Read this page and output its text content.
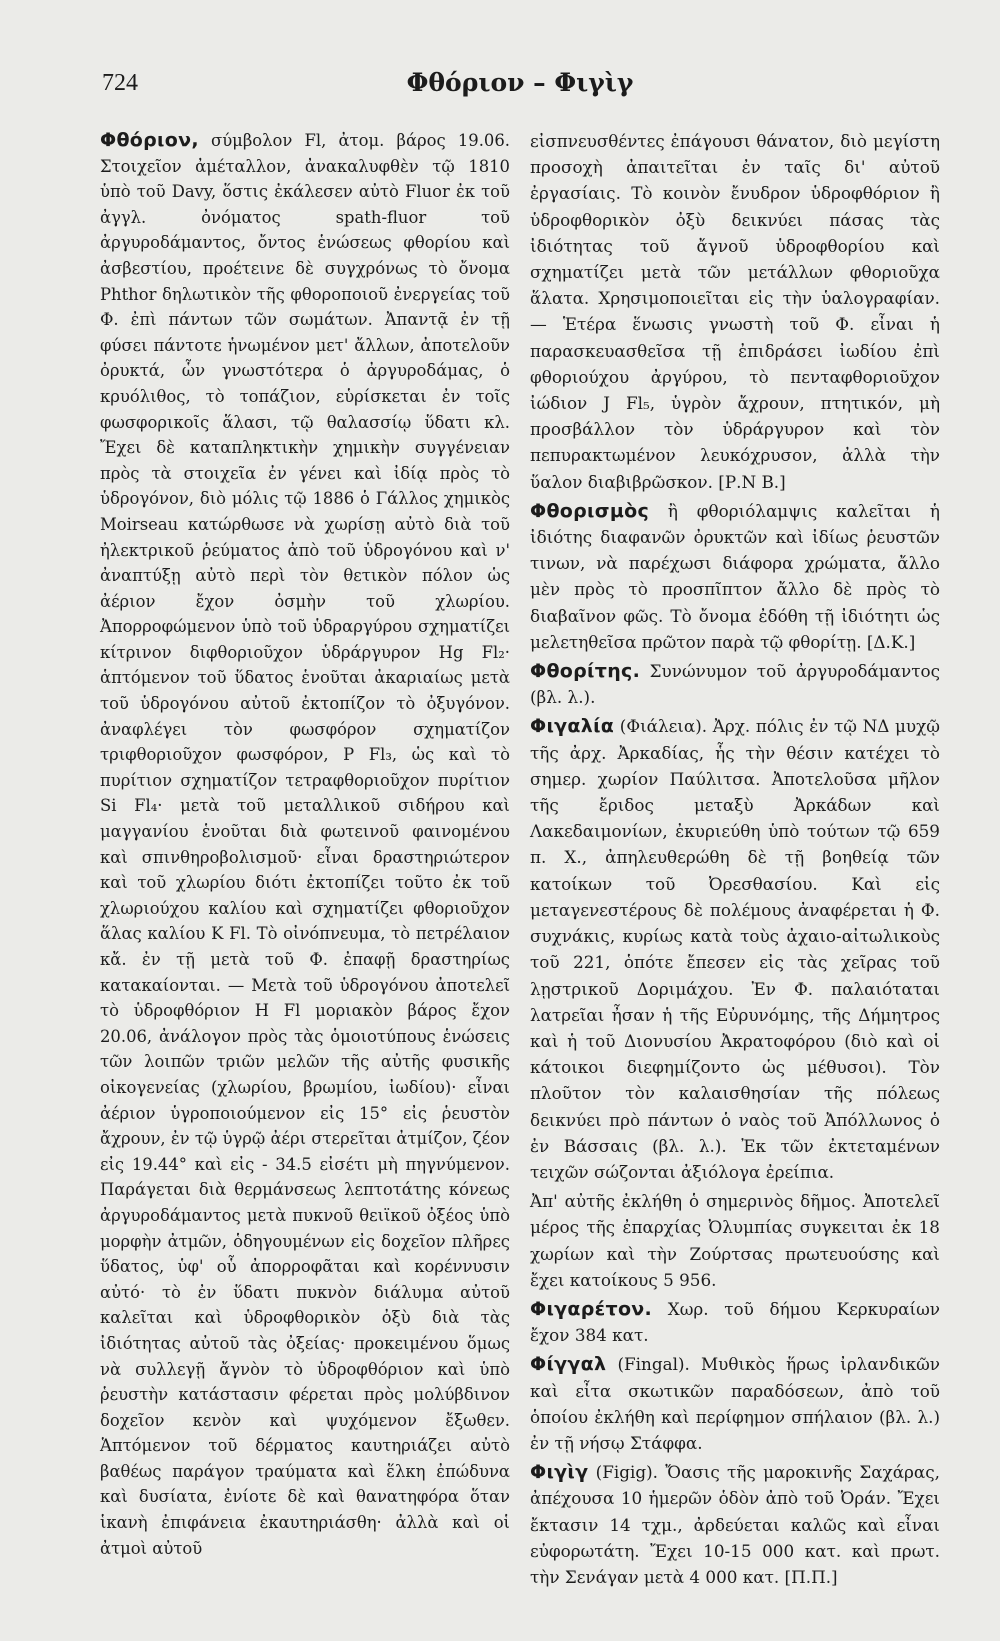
724	Φθόριον – Φιγὶγ

Φθόριον, σύμβολον Fl, ἀτομ. βάρος 19.06. Στοιχεῖον ἀμέταλλον, ἀνακαλυφθὲν τῷ 1810 ὑπὸ τοῦ Davy, ὅστις ἐκάλεσεν αὐτὸ Fluor ἐκ τοῦ ἀγγλ. ὀνόματος spath-fluor τοῦ ἀργυροδάμαντος, ὄντος ἑνώσεως φθορίου καὶ ἀσβεστίου, προέτεινε δὲ συγχρόνως τὸ ὄνομα Phthor δηλωτικὸν τῆς φθοροποιοῦ ἐνεργείας τοῦ Φ. ἐπὶ πάντων τῶν σωμάτων. Ἀπαντᾷ ἐν τῇ φύσει πάντοτε ἡνωμένον μετ' ἄλλων, ἀποτελοῦν ὀρυκτά, ὧν γνωστότερα ὁ ἀργυροδάμας, ὁ κρυόλιθος, τὸ τοπάζιον, εὑρίσκεται ἐν τοῖς φωσφορικοῖς ἅλασι, τῷ θαλασσίῳ ὕδατι κλ. Ἔχει δὲ καταπληκτικὴν χημικὴν συγγένειαν πρὸς τὰ στοιχεῖα ἐν γένει καὶ ἰδίᾳ πρὸς τὸ ὑδρογόνον, διὸ μόλις τῷ 1886 ὁ Γάλλος χημικὸς Moirseau κατώρθωσε νὰ χωρίσῃ αὐτὸ διὰ τοῦ ἠλεκτρικοῦ ῥεύματος ἀπὸ τοῦ ὑδρογόνου καὶ ν' ἀναπτύξῃ αὐτὸ περὶ τὸν θετικὸν πόλον ὡς ἀέριον ἔχον ὀσμὴν τοῦ χλωρίου. Ἀπορροφώμενον ὑπὸ τοῦ ὑδραργύρου σχηματίζει κίτρινον διφθοριοῦχον ὑδράργυρον Hg Fl₂· ἁπτόμενον τοῦ ὕδατος ἑνοῦται ἀκαριαίως μετὰ τοῦ ὑδρογόνου αὐτοῦ ἐκτοπίζον τὸ ὀξυγόνον. ἀναφλέγει τὸν φωσφόρον σχηματίζον τριφθοριοῦχον φωσφόρον, P Fl₃, ὡς καὶ τὸ πυρίτιον σχηματίζον τετραφθοριοῦχον πυρίτιον Si Fl₄· μετὰ τοῦ μεταλλικοῦ σιδήρου καὶ μαγγανίου ἑνοῦται διὰ φωτεινοῦ φαινομένου καὶ σπινθηροβολισμοῦ· εἶναι δραστηριώτερον καὶ τοῦ χλωρίου διότι ἐκτοπίζει τοῦτο ἐκ τοῦ χλωριούχου καλίου καὶ σχηματίζει φθοριοῦχον ἅλας καλίου K Fl. Τὸ οἰνόπνευμα, τὸ πετρέλαιον κἄ. ἐν τῇ μετὰ τοῦ Φ. ἐπαφῇ δραστηρίως κατακαίονται. — Μετὰ τοῦ ὑδρογόνου ἀποτελεῖ τὸ ὑδροφθόριον H Fl μοριακὸν βάρος ἔχον 20.06, ἀνάλογον πρὸς τὰς ὁμοιοτύπους ἑνώσεις τῶν λοιπῶν τριῶν μελῶν τῆς αὐτῆς φυσικῆς οἰκογενείας (χλωρίου, βρωμίου, ἰωδίου)· εἶναι ἀέριον ὑγροποιούμενον εἰς 15° εἰς ῥευστὸν ἄχρουν, ἐν τῷ ὑγρῷ ἀέρι στερεῖται ἀτμίζον, ζέον εἰς 19.44° καὶ εἰς - 34.5 εἰσέτι μὴ πηγνύμενον. Παράγεται διὰ θερμάνσεως λεπτοτάτης κόνεως ἀργυροδάμαντος μετὰ πυκνοῦ θειϊκοῦ ὀξέος ὑπὸ μορφὴν ἀτμῶν, ὁδηγουμένων εἰς δοχεῖον πλῆρες ὕδατος, ὑφ' οὗ ἀπορροφᾶται καὶ κορέννυσιν αὐτό· τὸ ἐν ὕδατι πυκνὸν διάλυμα αὐτοῦ καλεῖται καὶ ὑδροφθορικὸν ὀξὺ διὰ τὰς ἰδιότητας αὐτοῦ τὰς ὀξείας· προκειμένου ὅμως νὰ συλλεγῇ ἄγνὸν τὸ ὑδροφθόριον καὶ ὑπὸ ῥευστὴν κατάστασιν φέρεται πρὸς μολύβδινον δοχεῖον κενὸν καὶ ψυχόμενον ἔξωθεν. Ἁπτόμενον τοῦ δέρματος καυτηριάζει αὐτὸ βαθέως παράγον τραύματα καὶ ἕλκη ἐπώδυνα καὶ δυσίατα, ἐνίοτε δὲ καὶ θανατηφόρα ὅταν ἱκανὴ ἐπιφάνεια ἐκαυτηριάσθη· ἀλλὰ καὶ οἱ ἀτμοὶ αὐτοῦ

εἰσπνευσθέντες ἐπάγουσι θάνατον, διὸ μεγίστη προσοχὴ ἀπαιτεῖται ἐν ταῖς δι' αὐτοῦ ἐργασίαις. Τὸ κοινὸν ἔνυδρον ὑδροφθόριον ἢ ὑδροφθορικὸν ὀξὺ δεικνύει πάσας τὰς ἰδιότητας τοῦ ἄγνοῦ ὑδροφθορίου καὶ σχηματίζει μετὰ τῶν μετάλλων φθοριοῦχα ἅλατα. Χρησιμοποιεῖται εἰς τὴν ὑαλογραφίαν. — Ἑτέρα ἕνωσις γνωστὴ τοῦ Φ. εἶναι ἡ παρασκευασθεῖσα τῇ ἐπιδράσει ἰωδίου ἐπὶ φθοριούχου ἀργύρου, τὸ πενταφθοριοῦχον ἰώδιον J Fl₅, ὑγρὸν ἄχρουν, πτητικόν, μὴ προσβάλλον τὸν ὑδράργυρον καὶ τὸν πεπυρακτωμένον λευκόχρυσον, ἀλλὰ τὴν ὕαλον διαβιβρῶσκον. [Ρ.Ν Β.]

Φθορισμὸς ἢ φθοριόλαμψις καλεῖται ἡ ἰδιότης διαφανῶν ὀρυκτῶν καὶ ἰδίως ῥευστῶν τινων, νὰ παρέχωσι διάφορα χρώματα, ἄλλο μὲν πρὸς τὸ προσπῖπτον ἄλλο δὲ πρὸς τὸ διαβαῖνον φῶς. Τὸ ὄνομα ἐδόθη τῇ ἰδιότητι ὡς μελετηθεῖσα πρῶτον παρὰ τῷ φθορίτῃ. [Δ.Κ.]

Φθορίτης. Συνώνυμον τοῦ ἀργυροδάμαντος (βλ. λ.).

Φιγαλία (Φιάλεια). Ἀρχ. πόλις ἐν τῷ ΝΔ μυχῷ τῆς ἀρχ. Ἀρκαδίας, ἧς τὴν θέσιν κατέχει τὸ σημερ. χωρίον Παύλιτσα. Ἀποτελοῦσα μῆλον τῆς ἔριδος μεταξὺ Ἀρκάδων καὶ Λακεδαιμονίων, ἐκυριεύθη ὑπὸ τούτων τῷ 659 π. Χ., ἀπηλευθερώθη δὲ τῇ βοηθείᾳ τῶν κατοίκων τοῦ Ὀρεσθασίου. Καὶ εἰς μεταγενεστέρους δὲ πολέμους ἀναφέρεται ἡ Φ. συχνάκις, κυρίως κατὰ τοὺς ἀχαιο-αἰτωλικοὺς τοῦ 221, ὁπότε ἔπεσεν εἰς τὰς χεῖρας τοῦ λῃστρικοῦ Δοριμάχου. Ἐν Φ. παλαιόταται λατρεῖαι ἦσαν ἡ τῆς Εὐρυνόμης, τῆς Δήμητρος καὶ ἡ τοῦ Διονυσίου Ἀκρατοφόρου (διὸ καὶ οἱ κάτοικοι διεφημίζοντο ὡς μέθυσοι). Τὸν πλοῦτον τὸν καλαισθησίαν τῆς πόλεως δεικνύει πρὸ πάντων ὁ ναὸς τοῦ Ἀπόλλωνος ὁ ἐν Βάσσαις (βλ. λ.). Ἐκ τῶν ἐκτεταμένων τειχῶν σώζονται ἀξιόλογα ἐρείπια.

Ἀπ' αὐτῆς ἐκλήθη ὁ σημερινὸς δῆμος. Ἀποτελεῖ μέρος τῆς ἐπαρχίας Ὀλυμπίας συγκειται ἐκ 18 χωρίων καὶ τὴν Ζούρτσας πρωτευούσης καὶ ἔχει κατοίκους 5 956.

Φιγαρέτον. Χωρ. τοῦ δήμου Κερκυραίων ἔχον 384 κατ.

Φίγγαλ (Fingal). Μυθικὸς ἥρως ἰρλανδικῶν καὶ εἶτα σκωτικῶν παραδόσεων, ἀπὸ τοῦ ὁποίου ἐκλήθη καὶ περίφημον σπήλαιον (βλ. λ.) ἐν τῇ νήσῳ Στάφφα.

Φιγὶγ (Figig). Ὄασις τῆς μαροκινῆς Σαχάρας, ἀπέχουσα 10 ἡμερῶν ὁδὸν ἀπὸ τοῦ Ὀράν. Ἔχει ἔκτασιν 14 τχμ., ἀρδεύεται καλῶς καὶ εἶναι εὐφορωτάτη. Ἔχει 10-15 000 κατ. καὶ πρωτ. τὴν Σενάγαν μετὰ 4 000 κατ. [Π.Π.]
